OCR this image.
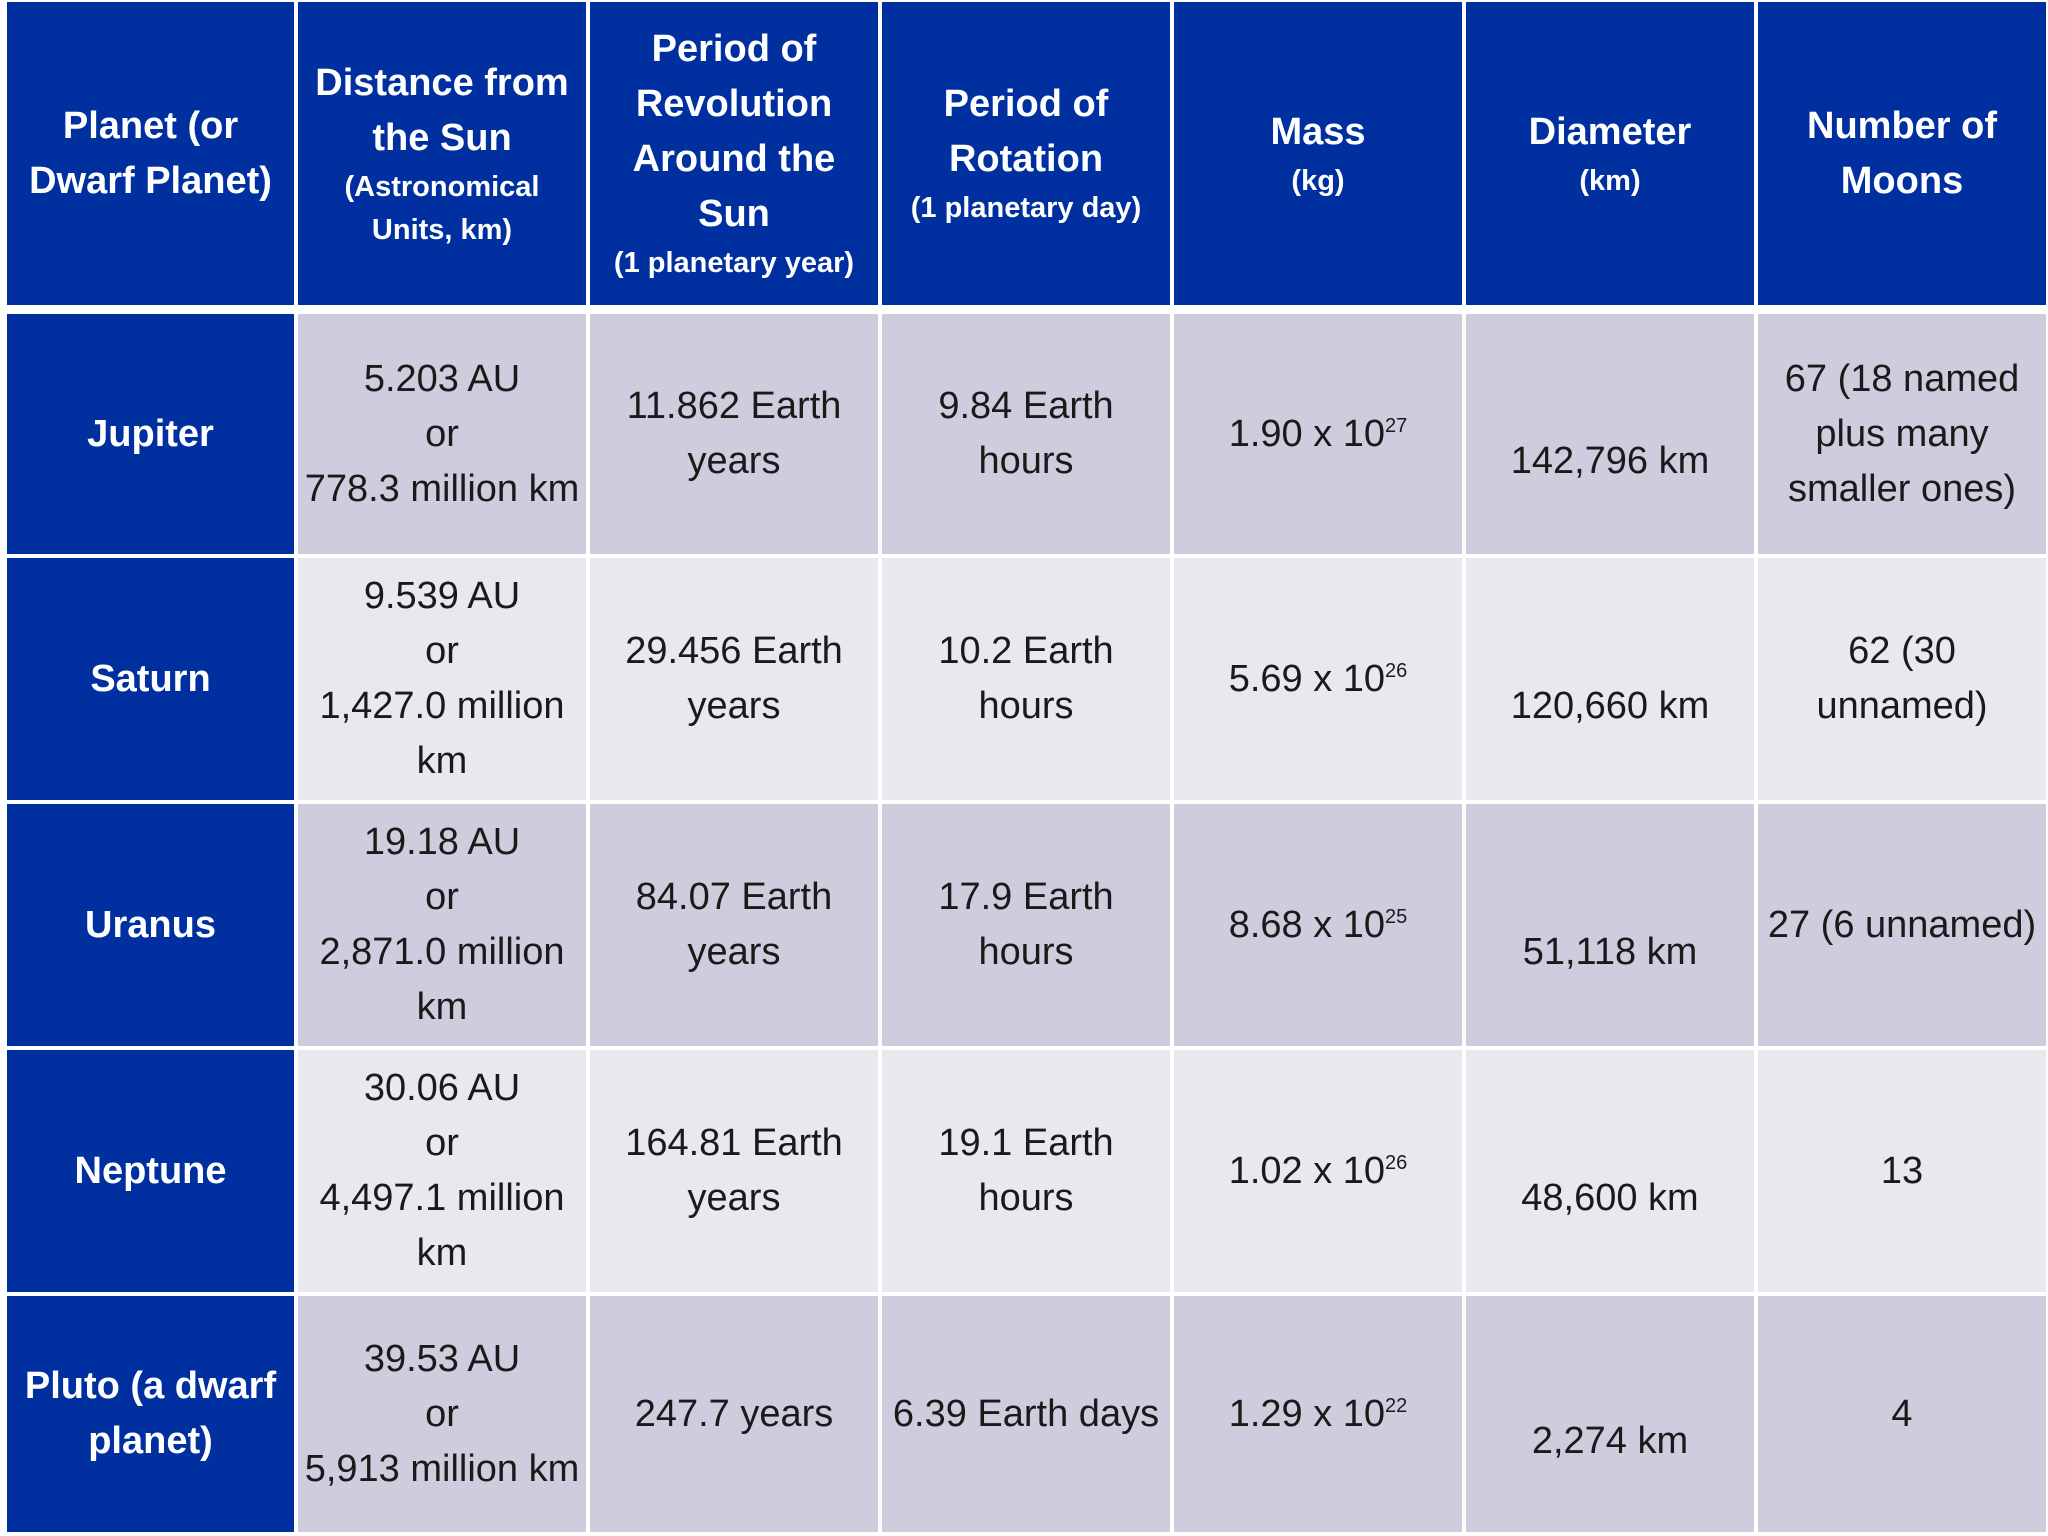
Planet (or Dwarf Planet)
Distance from the Sun
(Astronomical Units, km)
Period of Revolution Around the Sun
(1 planetary year)
Period of Rotation
(1 planetary day)
Mass
(kg)
Diameter
(km)
Number of Moons
Jupiter
5.203 AU
or
778.3 million km
11.862 Earth
years
9.84 Earth
hours
1.90 x $10^{27}$
142,796 km
67 (18 named
plus many
smaller ones)
Saturn
9.539 AU
or
1,427.0 million
km
29.456 Earth
years
10.2 Earth
hours
5.69 x $10^{26}$
120,660 km
62 (30
unnamed)
Uranus
19.18 AU
or
2,871.0 million
km
84.07 Earth
years
17.9 Earth
hours
8.68 x $10^{25}$
51,118 km
27 (6 unnamed)
Neptune
30.06 AU
or
4,497.1 million
km
164.81 Earth
years
19.1 Earth
hours
1.02 x $10^{26}$
48,600 km
13
Pluto (a dwarf
planet)
39.53 AU
or
5,913 million km
247.7 years	6.39 Earth days 1.29 x $10^{22}$
2,274 km
4
